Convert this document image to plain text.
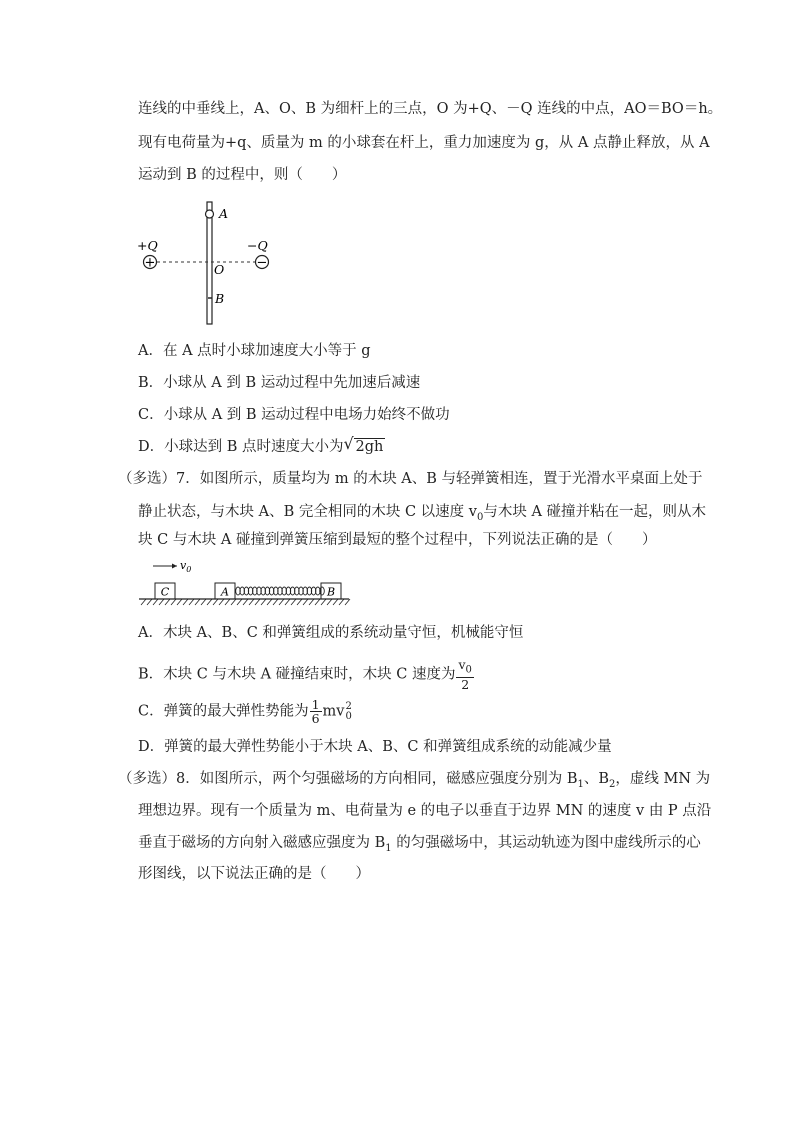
连线的中垂线上，A、O、B 为细杆上的三点，O 为+Q、－Q 连线的中点，AO＝BO＝h。
现有电荷量为+q、质量为 m 的小球套在杆上，重力加速度为 g，从 A 点静止释放，从 A
运动到 B 的过程中，则（　　）
+	−
A
O
B
+Q	−Q
A．在 A 点时小球加速度大小等于 g
B．小球从 A 到 B 运动过程中先加速后减速
C．小球从 A 到 B 运动过程中电场力始终不做功
D．小球达到 B 点时速度大小为 √ 2gh
（多选）7．如图所示，质量均为 m 的木块 A、B 与轻弹簧相连，置于光滑水平桌面上处于
静止状态，与木块 A、B 完全相同的木块 C 以速度 $v_0$与木块 A 碰撞并粘在一起，则从木
块 C 与木块 A 碰撞到弹簧压缩到最短的整个过程中，下列说法正确的是（　　）
$v_0$
C	A	B
A．木块 A、B、C 和弹簧组成的系统动量守恒，机械能守恒
B．木块 C 与木块 A 碰撞结束时，木块 C 速度为 $\frac{v_0}{2}$
C．弹簧的最大弹性势能为 $\frac{1}{6}$ mv 2
0
D．弹簧的最大弹性势能小于木块 A、B、C 和弹簧组成系统的动能减少量
（多选）8．如图所示，两个匀强磁场的方向相同，磁感应强度分别为 $B_1$、$B_2$，虚线 MN 为
理想边界。现有一个质量为 m、电荷量为 e 的电子以垂直于边界 MN 的速度 v 由 P 点沿
垂直于磁场的方向射入磁感应强度为 $B_1$ 的匀强磁场中，其运动轨迹为图中虚线所示的心
形图线，以下说法正确的是（　　）
